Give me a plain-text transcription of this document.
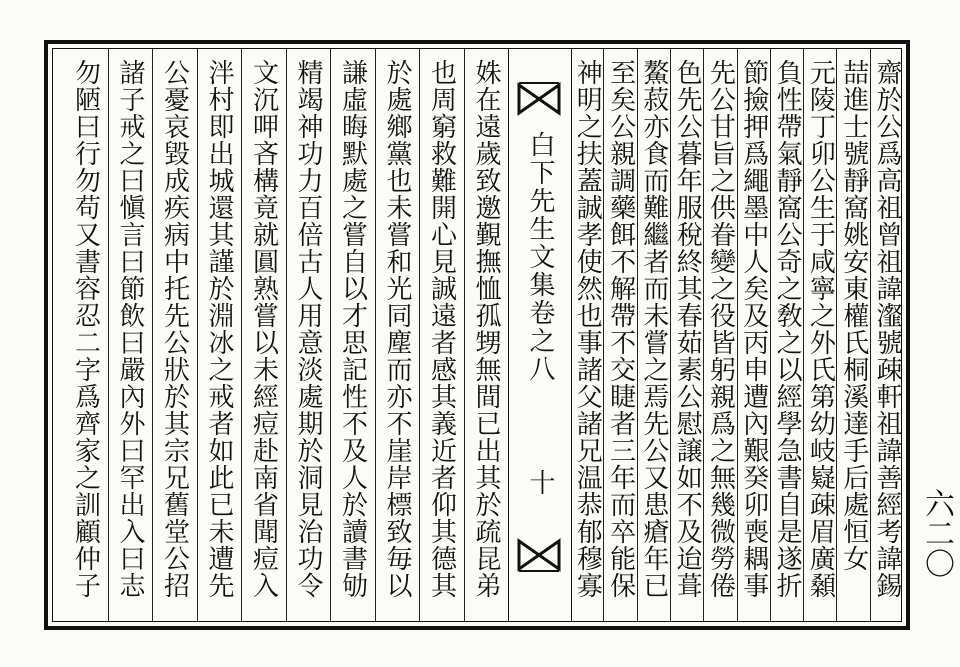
白下先生文集卷之八
十	齋於公爲高祖曾祖諱瀣號疎軒祖諱善經考諱錫
喆進士號靜窩姚安東權氏桐溪達手后處恒女
元陵丁卯公生于咸寧之外氏第幼岐嶷疎眉廣顙
負性帶氣靜窩公奇之敎之以經學急書自是遂折
節撿押爲繩墨中人矣及丙申遭內艱癸卯喪耦事
先公甘旨之供眷變之役皆躬親爲之無幾微勞倦
色先公暮年服稅終其春茹素公慰譲如不及迨葺
鰲菽亦食而難繼者而未嘗之焉先公又患瘡年已
姝在遠歲致邀覲撫恤孤甥無間已出其於疏昆弟
也周窮救難開心見誠遠者感其義近者仰其德其
於處鄉黨也未嘗和光同塵而亦不崖岸標致毎以
謙虛晦默處之嘗自以才思記性不及人於讀書劬
精竭神功力百倍古人用意淡處期於洞見治功令
文沉呷吝構竟就圓熟嘗以未經痘赴南省聞痘入
泮村即出城還其謹於淵冰之戒者如此已未遭先
公憂哀毀成疾病中托先公狀於其宗兄舊堂公招
諸子戒之曰愼言曰節飲曰嚴內外曰罕出入曰志
勿陋曰行勿苟又書容忍二字爲齊家之訓顧仲子	至矣公親調藥餌不解帶不交睫者三年而卒能保
神明之扶蓋誠孝使然也事諸父諸兄温恭郁穆寡	六二〇
